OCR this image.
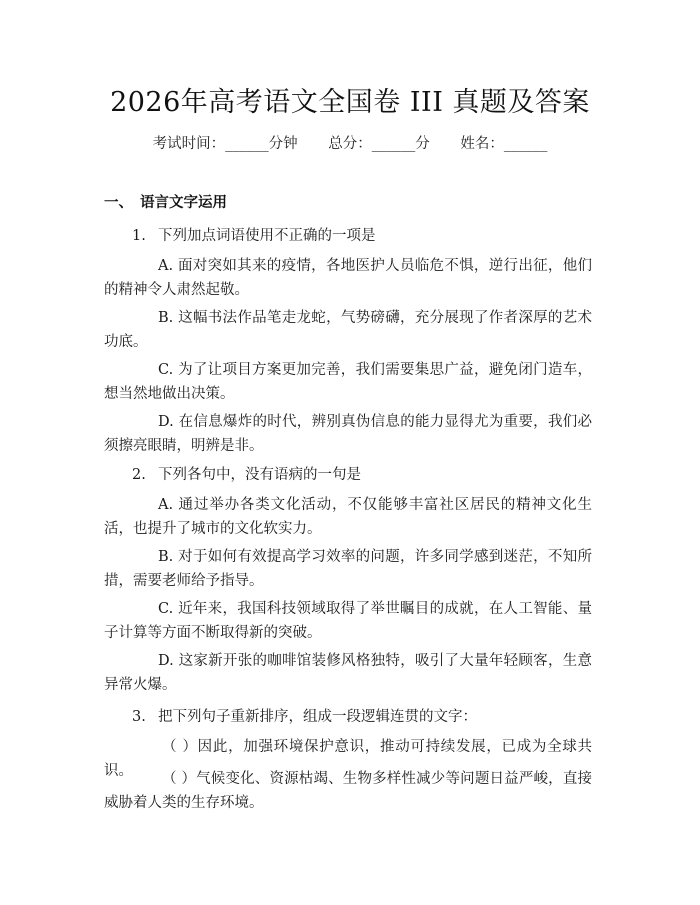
2026年高考语文全国卷 III 真题及答案
考试时间：______分钟 总分：______分 姓名：______
一、 语言文字运用
1. 下列加点词语使用不正确的一项是
A. 面对突如其来的疫情，各地医护人员临危不惧，逆行出征，他们的精神令人肃然起敬。
B. 这幅书法作品笔走龙蛇，气势磅礴，充分展现了作者深厚的艺术功底。
C. 为了让项目方案更加完善，我们需要集思广益，避免闭门造车，想当然地做出决策。
D. 在信息爆炸的时代，辨别真伪信息的能力显得尤为重要，我们必须擦亮眼睛，明辨是非。
2. 下列各句中，没有语病的一句是
A. 通过举办各类文化活动，不仅能够丰富社区居民的精神文化生活，也提升了城市的文化软实力。
B. 对于如何有效提高学习效率的问题，许多同学感到迷茫，不知所措，需要老师给予指导。
C. 近年来，我国科技领域取得了举世瞩目的成就，在人工智能、量子计算等方面不断取得新的突破。
D. 这家新开张的咖啡馆装修风格独特，吸引了大量年轻顾客，生意异常火爆。
3. 把下列句子重新排序，组成一段逻辑连贯的文字：
（ ）因此，加强环境保护意识，推动可持续发展，已成为全球共识。	（ ）气候变化、资源枯竭、生物多样性减少等问题日益严峻，直接威胁着人类的生存环境。
